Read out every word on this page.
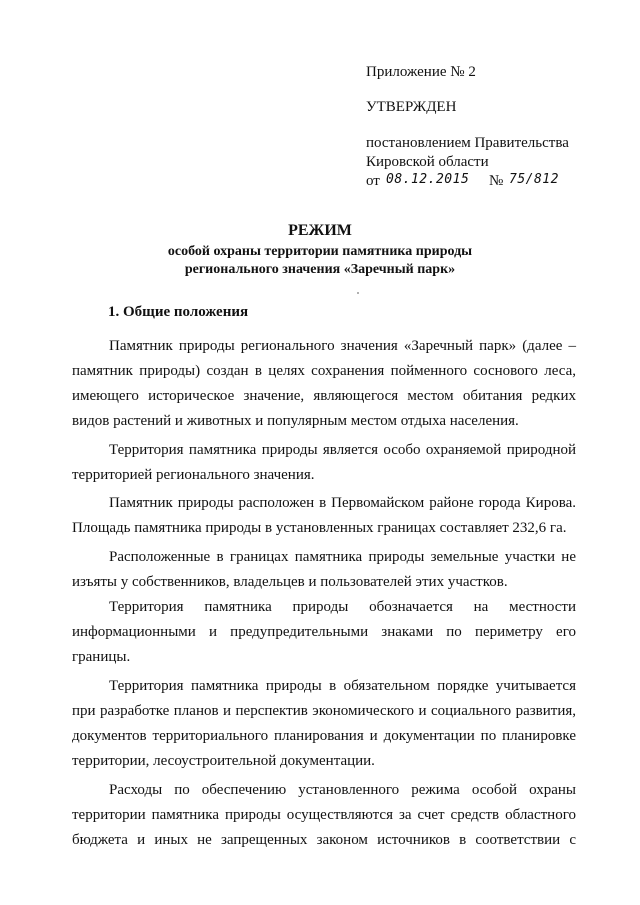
Приложение № 2
УТВЕРЖДЕН
постановлением Правительства
Кировской области
от 08.12.2015 № 75/812
РЕЖИМ
особой охраны территории памятника природы
регионального значения «Заречный парк»
1. Общие положения
Памятник природы регионального значения «Заречный парк» (далее –
памятник природы) создан в целях сохранения пойменного соснового леса,
имеющего историческое значение, являющегося местом обитания редких
видов растений и животных и популярным местом отдыха населения.
Территория памятника природы является особо охраняемой природной
территорией регионального значения.
Памятник природы расположен в Первомайском районе города Кирова.
Площадь памятника природы в установленных границах составляет 232,6 га.
Расположенные в границах памятника природы земельные участки не
изъяты у собственников, владельцев и пользователей этих участков.
Территория памятника природы обозначается на местности
информационными и предупредительными знаками по периметру его
границы.
Территория памятника природы в обязательном порядке учитывается
при разработке планов и перспектив экономического и социального развития,
документов территориального планирования и документации по планировке
территории, лесоустроительной документации.
Расходы по обеспечению установленного режима особой охраны
территории памятника природы осуществляются за счет средств областного
бюджета и иных не запрещенных законом источников в соответствии с
